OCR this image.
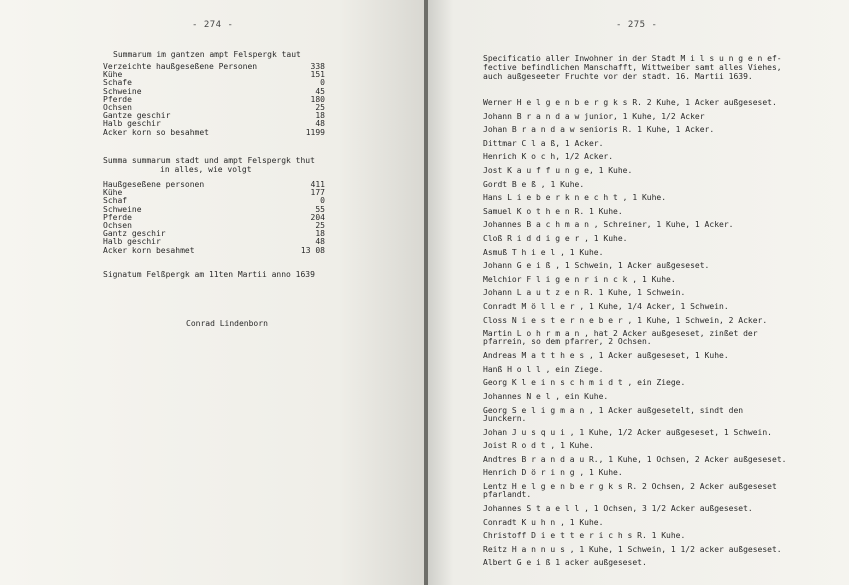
- 274 -
Summarum im gantzen ampt Felspergk taut
Verzeichte haußgeseßene Personen	338
Kühe	151
Schafe	0
Schweine	45
Pferde	180
Ochsen	25
Gantze geschir	18
Halb geschir	48
Acker korn so besahmet	1199
Summa summarum stadt und ampt Felspergk thut
in alles, wie volgt
Haußgeseßene personen	411
Kühe	177
Schaf	0
Schweine	55
Pferde	204
Ochsen	25
Gantz geschir	18
Halb geschir	48
Acker korn besahmet	13 08
Signatum Felßpergk am 11ten Martii anno 1639
Conrad Lindenborn
- 275 -
Specificatio aller Inwohner in der Stadt M i l s u n g e n ef-
fective befindlichen Manschafft, Wittweiber samt alles Viehes,
auch außgeseeter Fruchte vor der stadt. 16. Martii 1639.
Werner H e l g e n b e r g k s R. 2 Kuhe, 1 Acker außgeseset.
Johann B r a n d a w junior, 1 Kuhe, 1/2 Acker
Johan B r a n d a w senioris R. 1 Kuhe, 1 Acker.
Dittmar C l a ß, 1 Acker.
Henrich K o c h, 1/2 Acker.
Jost K a u f f u n g e, 1 Kuhe.
Gordt B e ß , 1 Kuhe.
Hans L i e b e r k n e c h t , 1 Kuhe.
Samuel K o t h e n R. 1 Kuhe.
Johannes B a c h m a n , Schreiner, 1 Kuhe, 1 Acker.
Cloß R i d d i g e r , 1 Kuhe.
Asmuß T h i e l , 1 Kuhe.
Johann G e i ß , 1 Schwein, 1 Acker außgeseset.
Melchior F l i g e n r i n c k , 1 Kuhe.
Johann L a u t z e n R. 1 Kuhe, 1 Schwein.
Conradt M ö l l e r , 1 Kuhe, 1/4 Acker, 1 Schwein.
Closs N i e s t e r n e b e r , 1 Kuhe, 1 Schwein, 2 Acker.
Martin L o h r m a n , hat 2 Acker außgeseset, zinßet der
pfarrein, so dem pfarrer, 2 Ochsen.
Andreas M a t t h e s , 1 Acker außgeseset, 1 Kuhe.
Hanß H o l l , ein Ziege.
Georg K l e i n s c h m i d t , ein Ziege.
Johannes N e l , ein Kuhe.
Georg S e l i g m a n , 1 Acker außgesetelt, sindt den
Junckern.
Johan J u s q u i , 1 Kuhe, 1/2 Acker außgeseset, 1 Schwein.
Joist R o d t , 1 Kuhe.
Andtres B r a n d a u R., 1 Kuhe, 1 Ochsen, 2 Acker außgeseset.
Henrich D ö r i n g , 1 Kuhe.
Lentz H e l g e n b e r g k s R. 2 Ochsen, 2 Acker außgeseset
pfarlandt.
Johannes S t a e l l , 1 Ochsen, 3 1/2 Acker außgeseset.
Conradt K u h n , 1 Kuhe.
Christoff D i e t t e r i c h s R. 1 Kuhe.
Reitz H a n n u s , 1 Kuhe, 1 Schwein, 1 1/2 acker außgeseset.
Albert G e i ß 1 acker außgeseset.
